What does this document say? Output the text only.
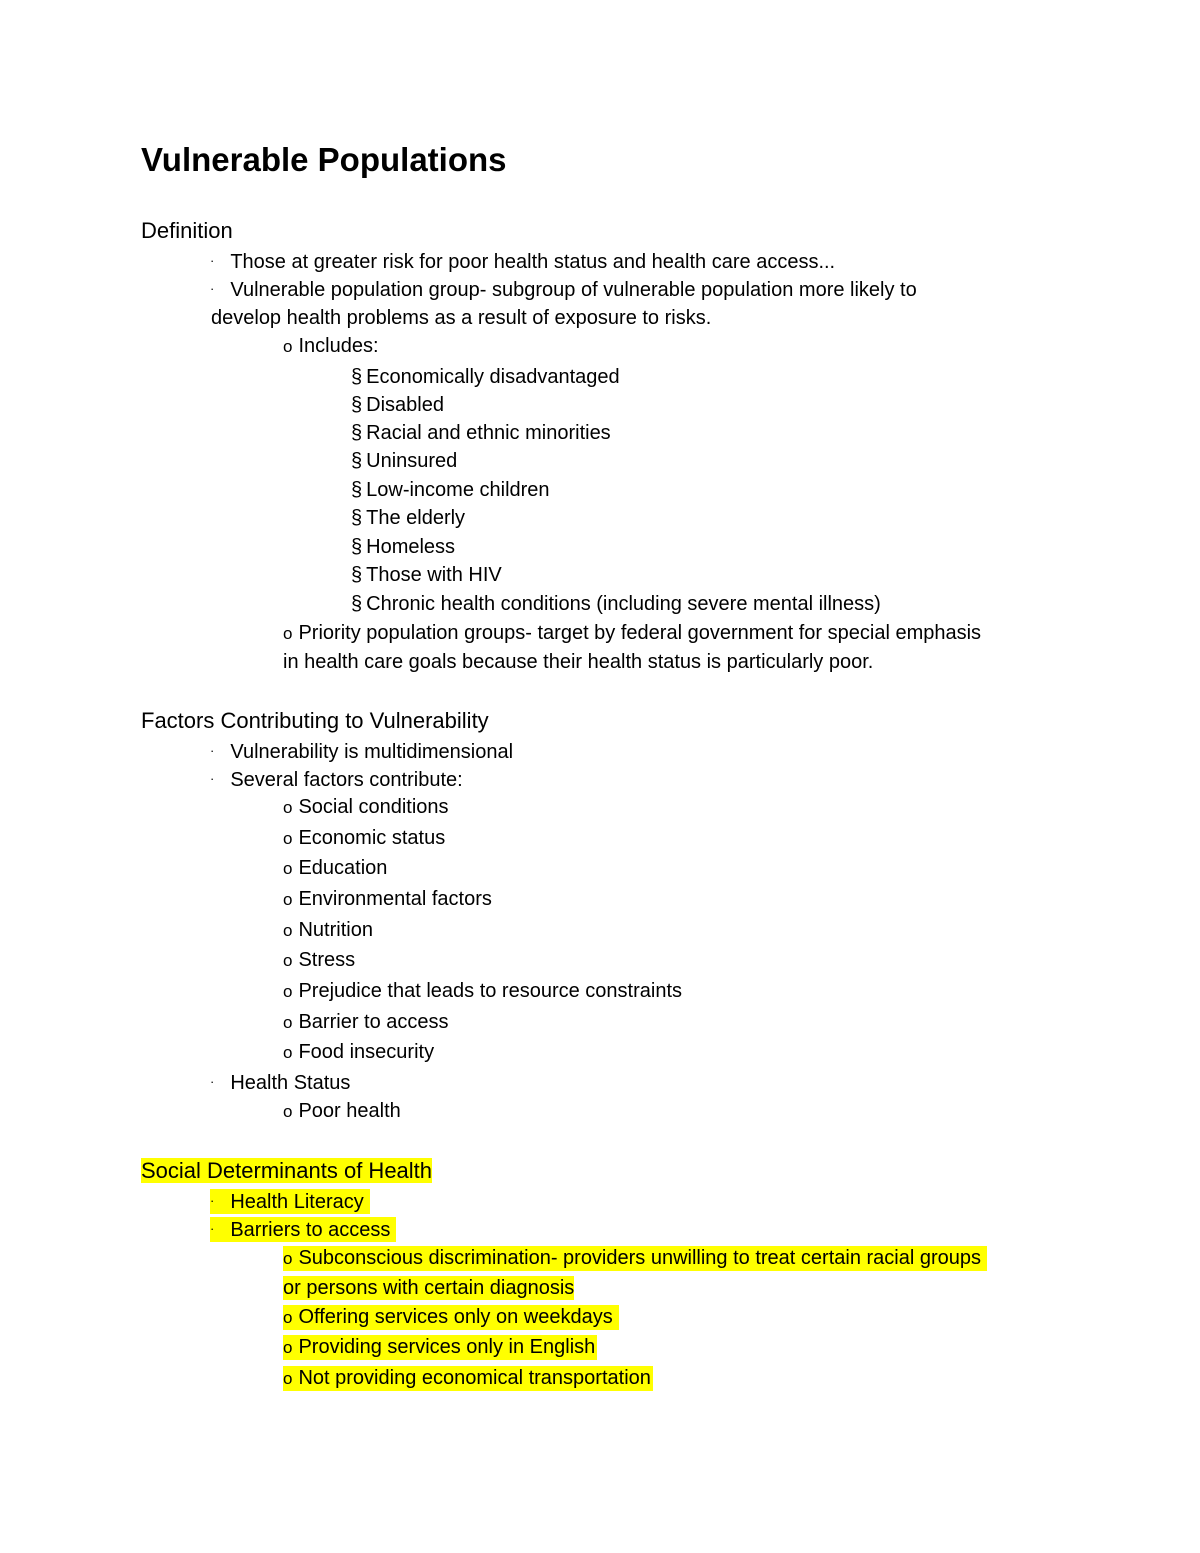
Vulnerable Populations
Definition
· Those at greater risk for poor health status and health care access...
· Vulnerable population group- subgroup of vulnerable population more likely to
develop health problems as a result of exposure to risks.
o Includes:
§ Economically disadvantaged
§ Disabled
§ Racial and ethnic minorities
§ Uninsured
§ Low-income children
§ The elderly
§ Homeless
§ Those with HIV
§ Chronic health conditions (including severe mental illness)
o Priority population groups- target by federal government for special emphasis
in health care goals because their health status is particularly poor.
Factors Contributing to Vulnerability
· Vulnerability is multidimensional
· Several factors contribute:
o Social conditions
o Economic status
o Education
o Environmental factors
o Nutrition
o Stress
o Prejudice that leads to resource constraints
o Barrier to access
o Food insecurity
· Health Status
o Poor health
Social Determinants of Health
· Health Literacy
· Barriers to access
o Subconscious discrimination- providers unwilling to treat certain racial groups
or persons with certain diagnosis
o Offering services only on weekdays
o Providing services only in English
o Not providing economical transportation
